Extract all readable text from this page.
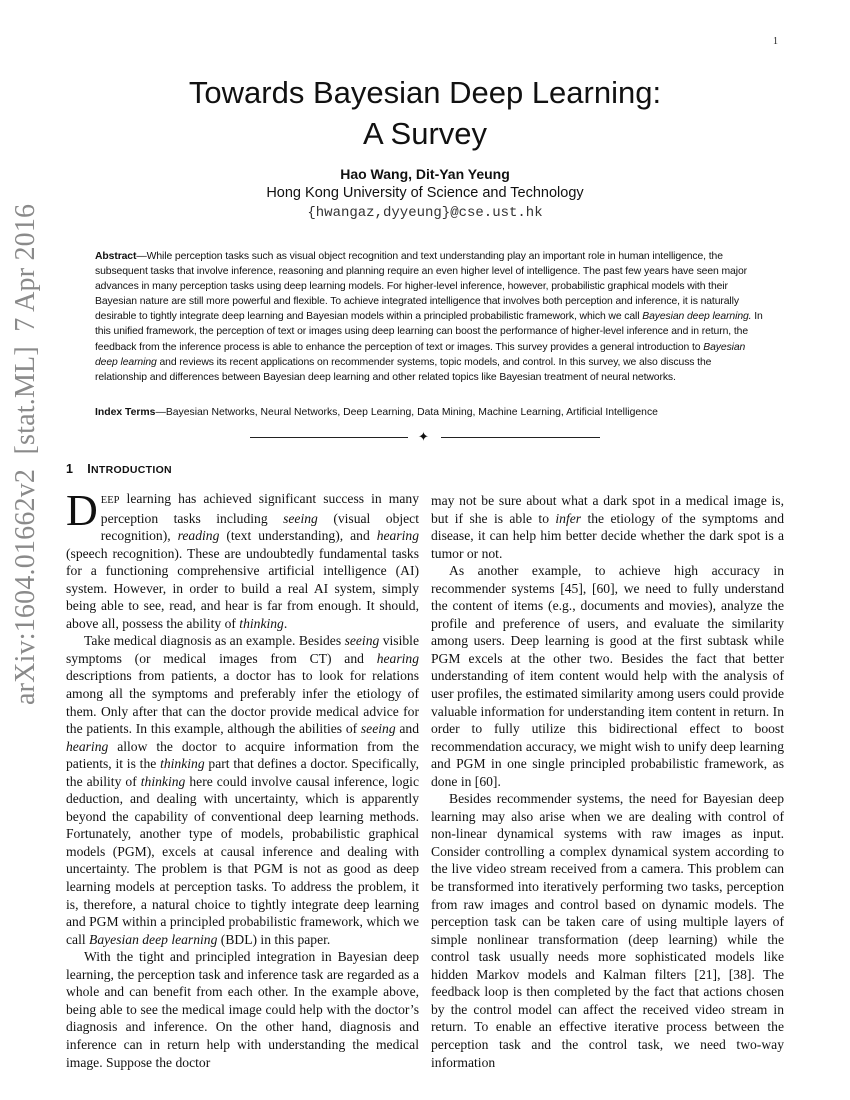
1
arXiv:1604.01662v2  [stat.ML]  7 Apr 2016
Towards Bayesian Deep Learning:
A Survey
Hao Wang, Dit-Yan Yeung
Hong Kong University of Science and Technology
{hwangaz,dyyeung}@cse.ust.hk
Abstract—While perception tasks such as visual object recognition and text understanding play an important role in human intelligence, the subsequent tasks that involve inference, reasoning and planning require an even higher level of intelligence. The past few years have seen major advances in many perception tasks using deep learning models. For higher-level inference, however, probabilistic graphical models with their Bayesian nature are still more powerful and flexible. To achieve integrated intelligence that involves both perception and inference, it is naturally desirable to tightly integrate deep learning and Bayesian models within a principled probabilistic framework, which we call Bayesian deep learning. In this unified framework, the perception of text or images using deep learning can boost the performance of higher-level inference and in return, the feedback from the inference process is able to enhance the perception of text or images. This survey provides a general introduction to Bayesian deep learning and reviews its recent applications on recommender systems, topic models, and control. In this survey, we also discuss the relationship and differences between Bayesian deep learning and other related topics like Bayesian treatment of neural networks.
Index Terms—Bayesian Networks, Neural Networks, Deep Learning, Data Mining, Machine Learning, Artificial Intelligence
✦
1 INTRODUCTION

DEEP learning has achieved significant success in many perception tasks including seeing (visual object recognition), reading (text understanding), and hearing (speech recognition). These are undoubtedly fundamental tasks for a functioning comprehensive artificial intelligence (AI) system. However, in order to build a real AI system, simply being able to see, read, and hear is far from enough. It should, above all, possess the ability of thinking.

Take medical diagnosis as an example. Besides seeing visible symptoms (or medical images from CT) and hearing descriptions from patients, a doctor has to look for relations among all the symptoms and preferably infer the etiology of them. Only after that can the doctor provide medical advice for the patients. In this example, although the abilities of seeing and hearing allow the doctor to acquire information from the patients, it is the thinking part that defines a doctor. Specifically, the ability of thinking here could involve causal inference, logic deduction, and dealing with uncertainty, which is apparently beyond the capability of conventional deep learning methods. Fortunately, another type of models, probabilistic graphical models (PGM), excels at causal inference and dealing with uncertainty. The problem is that PGM is not as good as deep learning models at perception tasks. To address the problem, it is, therefore, a natural choice to tightly integrate deep learning and PGM within a principled probabilistic framework, which we call Bayesian deep learning (BDL) in this paper.

With the tight and principled integration in Bayesian deep learning, the perception task and inference task are regarded as a whole and can benefit from each other. In the example above, being able to see the medical image could help with the doctor’s diagnosis and inference. On the other hand, diagnosis and inference can in return help with understanding the medical image. Suppose the doctor

may not be sure about what a dark spot in a medical image is, but if she is able to infer the etiology of the symptoms and disease, it can help him better decide whether the dark spot is a tumor or not.

As another example, to achieve high accuracy in recommender systems [45], [60], we need to fully understand the content of items (e.g., documents and movies), analyze the profile and preference of users, and evaluate the similarity among users. Deep learning is good at the first subtask while PGM excels at the other two. Besides the fact that better understanding of item content would help with the analysis of user profiles, the estimated similarity among users could provide valuable information for understanding item content in return. In order to fully utilize this bidirectional effect to boost recommendation accuracy, we might wish to unify deep learning and PGM in one single principled probabilistic framework, as done in [60].

Besides recommender systems, the need for Bayesian deep learning may also arise when we are dealing with control of non-linear dynamical systems with raw images as input. Consider controlling a complex dynamical system according to the live video stream received from a camera. This problem can be transformed into iteratively performing two tasks, perception from raw images and control based on dynamic models. The perception task can be taken care of using multiple layers of simple nonlinear transformation (deep learning) while the control task usually needs more sophisticated models like hidden Markov models and Kalman filters [21], [38]. The feedback loop is then completed by the fact that actions chosen by the control model can affect the received video stream in return. To enable an effective iterative process between the perception task and the control task, we need two-way information
